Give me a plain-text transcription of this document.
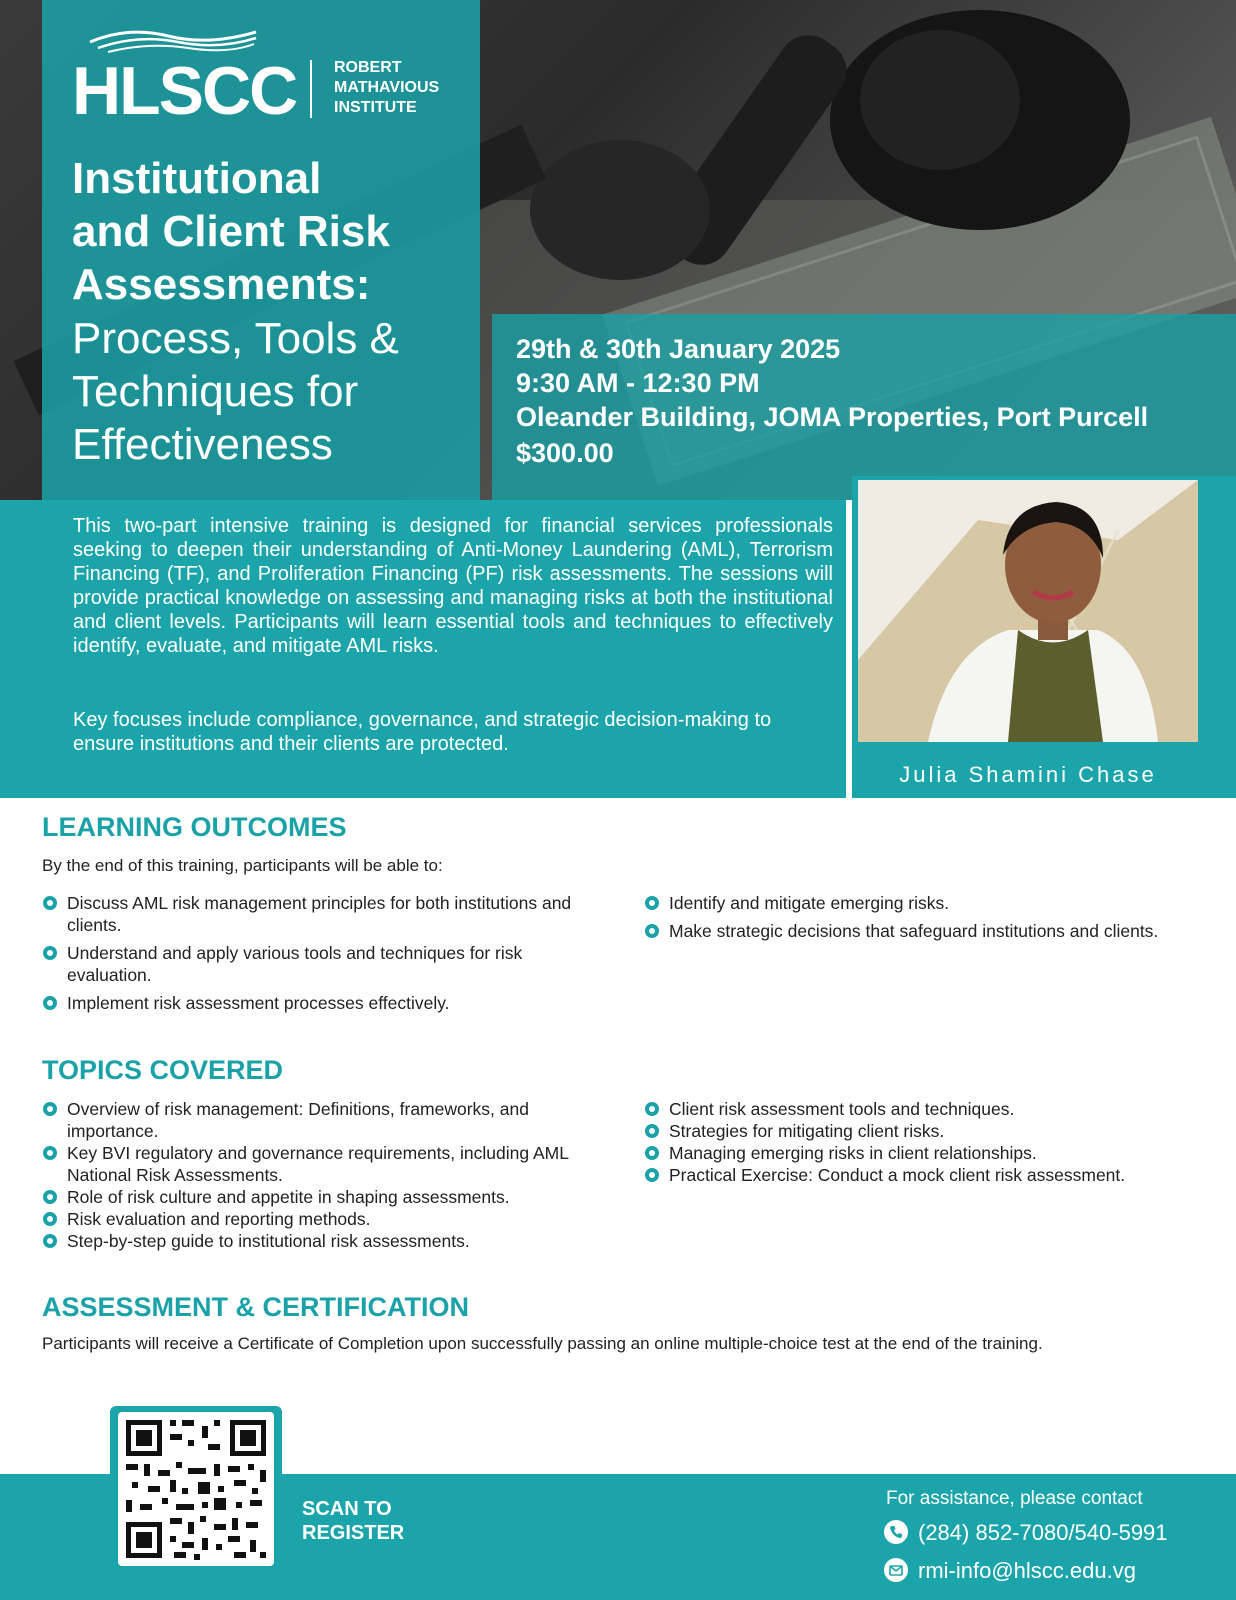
HLSCC ROBERT
MATHAVIOUS
INSTITUTE
Institutional
and Client Risk
Assessments:
Process, Tools &
Techniques for
Effectiveness
29th & 30th January 2025
9:30 AM - 12:30 PM
Oleander Building, JOMA Properties, Port Purcell
$300.00
This two-part intensive training is designed for financial services professionals seeking to deepen their understanding of Anti-Money Laundering (AML), Terrorism Financing (TF), and Proliferation Financing (PF) risk assessments. The sessions will provide practical knowledge on assessing and managing risks at both the institutional and client levels. Participants will learn essential tools and techniques to effectively identify, evaluate, and mitigate AML risks.
Key focuses include compliance, governance, and strategic decision-making to ensure institutions and their clients are protected.
Julia Shamini Chase
LEARNING OUTCOMES
By the end of this training, participants will be able to:
Discuss AML risk management principles for both institutions and clients.
Understand and apply various tools and techniques for risk evaluation.
Implement risk assessment processes effectively.
Identify and mitigate emerging risks.
Make strategic decisions that safeguard institutions and clients.
TOPICS COVERED
Overview of risk management: Definitions, frameworks, and importance.
Key BVI regulatory and governance requirements, including AML National Risk Assessments.
Role of risk culture and appetite in shaping assessments.
Risk evaluation and reporting methods.
Step-by-step guide to institutional risk assessments.
Client risk assessment tools and techniques.
Strategies for mitigating client risks.
Managing emerging risks in client relationships.
Practical Exercise: Conduct a mock client risk assessment.
ASSESSMENT & CERTIFICATION
Participants will receive a Certificate of Completion upon successfully passing an online multiple-choice test at the end of the training.
SCAN TO
REGISTER
For assistance, please contact
(284) 852-7080/540-5991
rmi-info@hlscc.edu.vg
